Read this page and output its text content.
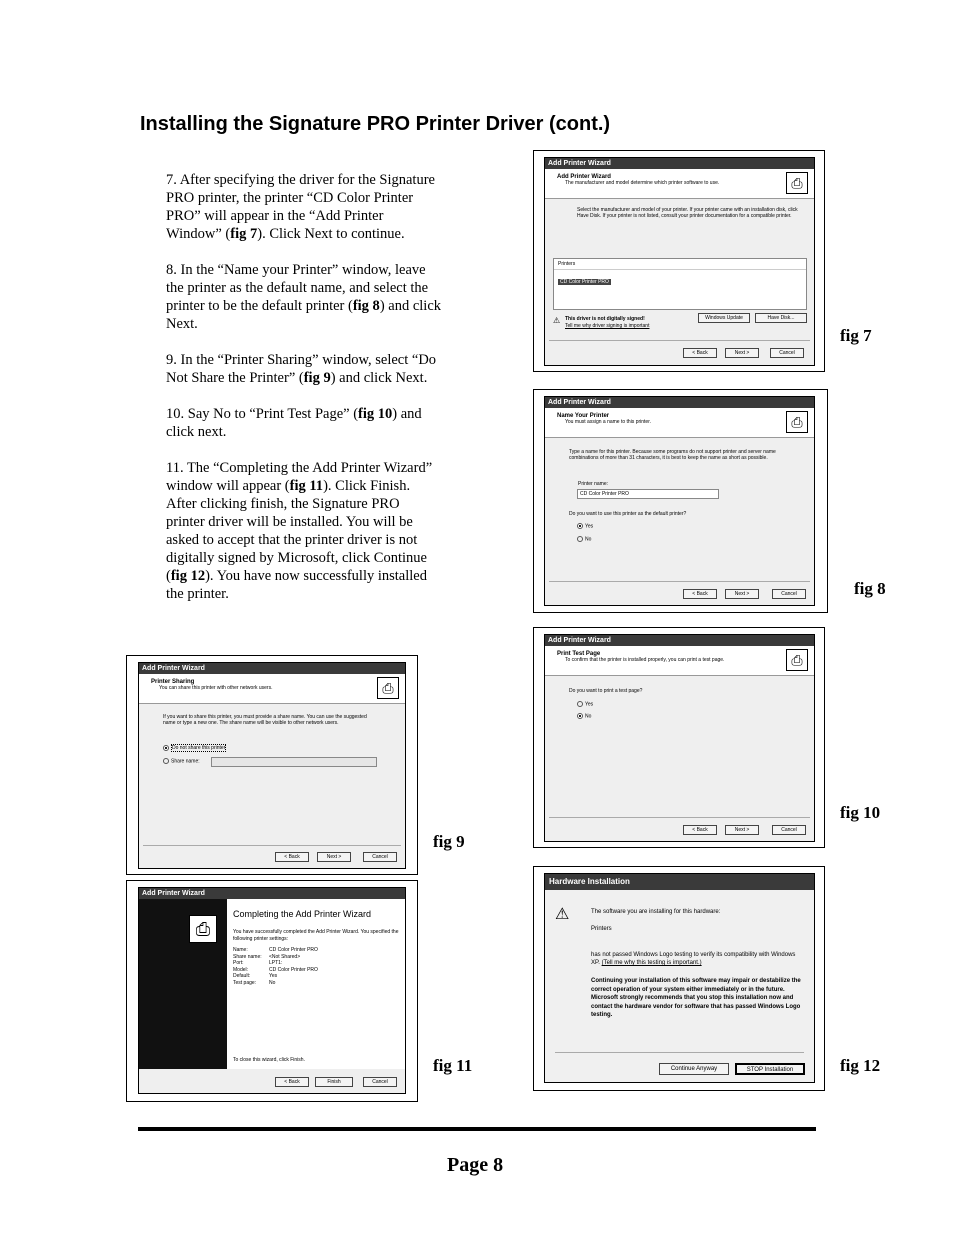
Installing the Signature PRO Printer Driver (cont.)

7. After specifying the driver for the Signature PRO printer, the printer “CD Color Printer PRO” will appear in the “Add Printer Window” (fig 7). Click Next to continue.

8. In the “Name your Printer” window, leave the printer as the default name, and select the printer to be the default printer (fig 8) and click Next.

9. In the “Printer Sharing” window, select “Do Not Share the Printer” (fig 9) and click Next.

10. Say No to “Print Test Page” (fig 10) and click next.

11. The “Completing the Add Printer Wizard” window will appear (fig 11). Click Finish. After clicking finish, the Signature PRO printer driver will be installed. You will be asked to accept that the printer driver is not digitally signed by Microsoft, click Continue (fig 12). You have now successfully installed the printer.

Add Printer Wizard
Add Printer Wizard
The manufacturer and model determine which printer software to use.	⎙
Select the manufacturer and model of your printer. If your printer came with an installation disk, click Have Disk. If your printer is not listed, consult your printer documentation for a compatible printer.
Printers
CD Color Printer PRO
⚠ This driver is not digitally signed!
Tell me why driver signing is important
Windows Update	Have Disk...
< Back	Next >	Cancel
fig 7
Add Printer Wizard
Name Your Printer
You must assign a name to this printer.	⎙
Type a name for this printer. Because some programs do not support printer and server name combinations of more than 31 characters, it is best to keep the name as short as possible.
Printer name:
CD Color Printer PRO
Do you want to use this printer as the default printer?
Yes
No
< Back	Next >	Cancel	fig 8
Add Printer Wizard
Print Test Page
To confirm that the printer is installed properly, you can print a test page.	⎙
Do you want to print a test page?
Yes
No
< Back	Next >	Cancel
fig 10
Hardware Installation
⚠	The software you are installing for this hardware:
Printers
has not passed Windows Logo testing to verify its compatibility with Windows XP. (Tell me why this testing is important.)
Continuing your installation of this software may impair or destabilize the correct operation of your system either immediately or in the future. Microsoft strongly recommends that you stop this installation now and contact the hardware vendor for software that has passed Windows Logo testing.
Continue Anyway	STOP Installation	fig 12
Add Printer Wizard
Printer Sharing
You can share this printer with other network users.	⎙
If you want to share this printer, you must provide a share name. You can use the suggested name or type a new one. The share name will be visible to other network users.
Do not share this printer
Share name:
< Back	Next >	Cancel
fig 9
Add Printer Wizard
⎙
Completing the Add Printer Wizard
You have successfully completed the Add Printer Wizard. You specified the following printer settings:
Name:	CD Color Printer PRO
Share name: <Not Shared>
Port:	LPT1:
Model:	CD Color Printer PRO
Default:	Yes
Test page:	No
To close this wizard, click Finish.
< Back	Finish	Cancel
fig 11
Page 8
